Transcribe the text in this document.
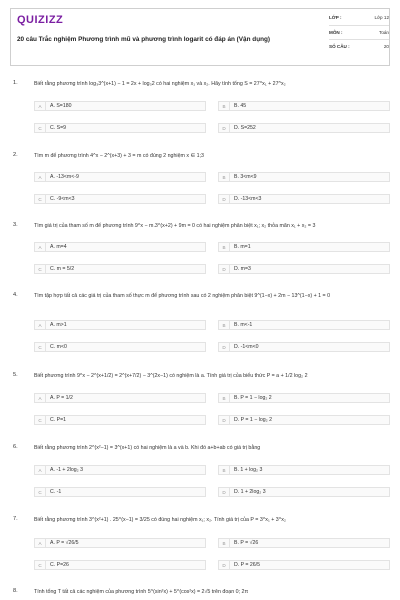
QUIZIZZ
20 câu Trắc nghiệm Phương trình mũ và phương trình logarit có đáp án (Vận dụng)
LỚP :	Lớp 12
MÔN :	Toán
SỐ CÂU :	20
1.	Biết rằng phương trình log₃3^(x+1) − 1 = 2x + log₃2 có hai nghiệm x₁ và x₂. Hãy tính tổng S = 27^x₁ + 27^x₂
A	A. S=180	B	B. 45
C	C. S=9	D	D. S=252
2.	Tìm m để phương trình 4^x − 2^(x+3) + 3 = m có đúng 2 nghiệm x ∈ 1;3
A	A. -13<m<-9	B	B. 3<m<9
C	C. -9<m<3	D	D. -13<m<3
3.	Tìm giá trị của tham số m để phương trình 9^x − m.3^(x+2) + 9m = 0 có hai nghiệm phân biệt x₁; x₂ thỏa mãn x₁ + x₂ = 3
A	A. m=4	B	B. m=1
C	C. m = 5/2	D	D. m=3
4.	Tìm tập hợp tất cả các giá trị của tham số thực m để phương trình sau có 2 nghiệm phân biệt 9^(1−x) + 2m − 13^(1−x) + 1 = 0
A	A. m>1	B	B. m<-1
C	C. m<0	D	D. -1<m<0
5.	Biết phương trình 9^x − 2^(x+1/2) = 2^(x+7/2) − 3^(2x−1) có nghiệm là a. Tính giá trị của biểu thức P = a + 1/2 log₂ 2
A	A. P = 1/2	B	B. P = 1 − log₂ 2
C	C. P=1	D	D. P = 1 − log₂ 2
6.	Biết rằng phương trình 2^(x²−1) = 3^(x+1) có hai nghiệm là a và b. Khi đó a+b+ab có giá trị bằng
A	A. -1 + 2log₂ 3	B	B. 1 + log₂ 3
C	C. -1	D	D. 1 + 2log₂ 3
7.	Biết rằng phương trình 3^(x²+1) . 25^(x−1) = 3/25 có đúng hai nghiệm x₁; x₂. Tính giá trị của P = 3^x₁ + 3^x₂
A	A. P = √26/5	B	B. P = √26
C	C. P=26	D	D. P = 26/5
8.	Tính tổng T tất cả các nghiệm của phương trình 5^(sin²x) + 5^(cos²x) = 2√5 trên đoạn 0; 2π
